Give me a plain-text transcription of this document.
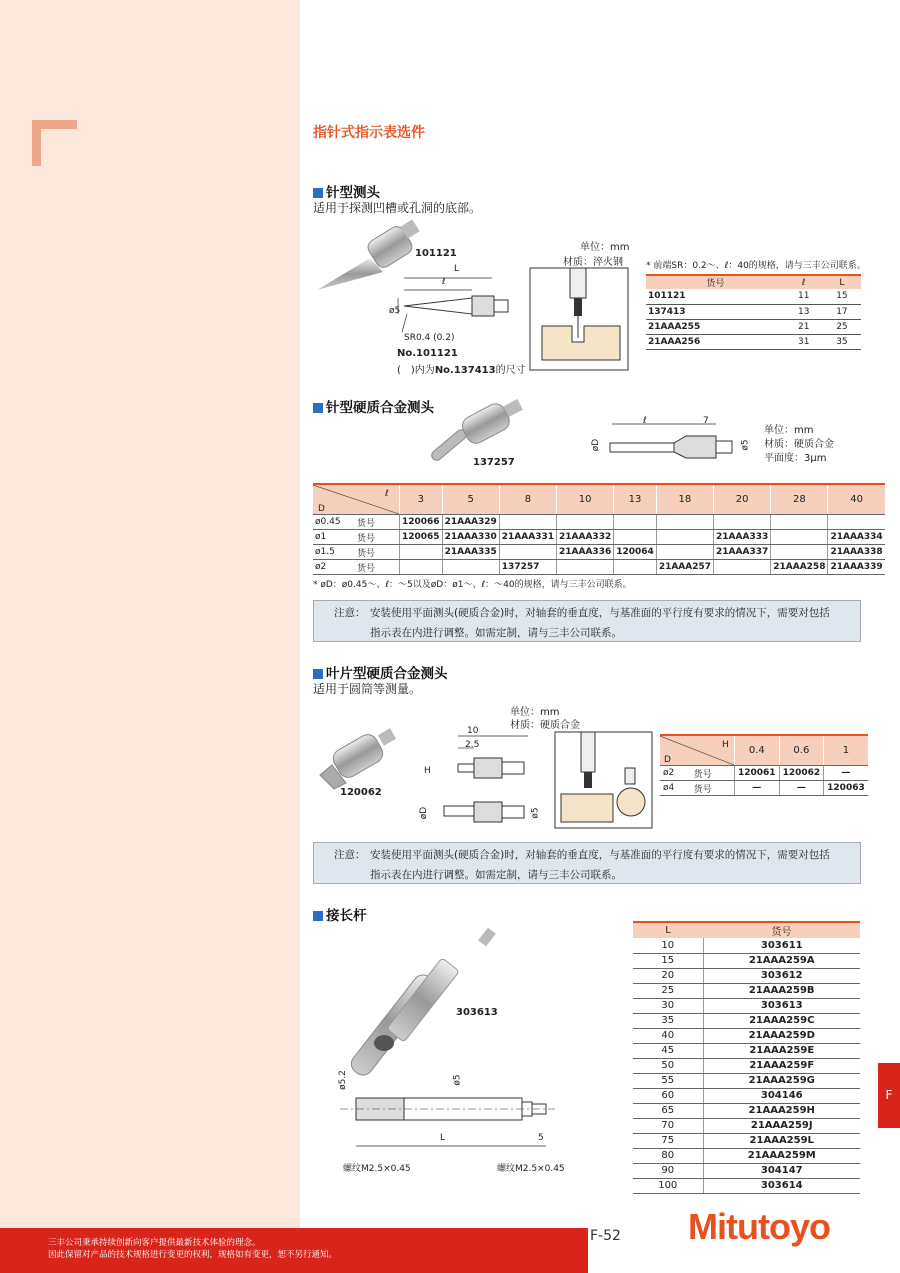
指针式指示表选件
针型测头
适用于探测凹槽或孔洞的底部。
101121
L
ℓ
ø5
SR0.4 (0.2)
No.101121
(　)内为No.137413的尺寸
单位：mm
材质：淬火钢	* 前端SR：0.2～、ℓ：40的规格，请与三丰公司联系。
货号	ℓ	L
101121	11	15
137413	13	17
21AAA255	21	25
21AAA256	31	35
针型硬质合金测头
137257
ℓ	7
øD	ø5
单位：mm
材质：硬质合金
平面度：3μm
ℓ
D		3	5	8	10	13	18	20	28	40
ø0.45	货号	120066	21AAA329							
ø1	货号	120065	21AAA330	21AAA331	21AAA332			21AAA333		21AAA334
ø1.5	货号		21AAA335		21AAA336	120064		21AAA337		21AAA338
ø2	货号			137257			21AAA257		21AAA258	21AAA339
* øD：ø0.45～、ℓ：～5以及øD：ø1～、ℓ：～40的规格，请与三丰公司联系。
注意： 安装使用平面测头(硬质合金)时，对轴套的垂直度，与基准面的平行度有要求的情况下，需要对包括
指示表在内进行调整。如需定制，请与三丰公司联系。
叶片型硬质合金测头
适用于圆筒等测量。
120062
10
2.5
H
øD	ø5
单位：mm
材质：硬质合金
H
D		0.4	0.6	1
ø2	货号	120061	120062	—
ø4	货号	—	—	120063
注意： 安装使用平面测头(硬质合金)时，对轴套的垂直度，与基准面的平行度有要求的情况下，需要对包括
指示表在内进行调整。如需定制，请与三丰公司联系。
接长杆
303613
ø5.2	ø5
L	5
螺纹M2.5×0.45	螺纹M2.5×0.45
L	货号
10	303611
15	21AAA259A
20	303612
25	21AAA259B
30	303613
35	21AAA259C
40	21AAA259D
45	21AAA259E
50	21AAA259F
55	21AAA259G
60	304146
65	21AAA259H
70	21AAA259J
75	21AAA259L
80	21AAA259M
90	304147
100	303614
F
三丰公司秉承持续创新向客户提供最新技术体验的理念。
因此保留对产品的技术规格进行变更的权利，规格如有变更，恕不另行通知。
F-52 Mitutoyo
